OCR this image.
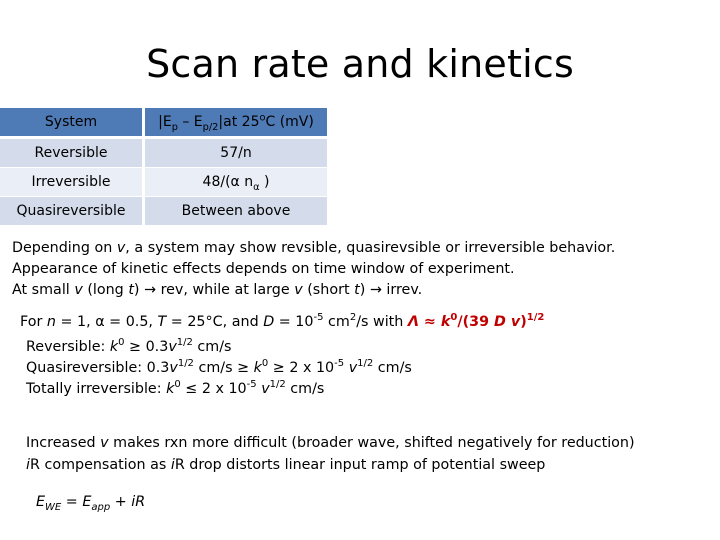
Scan rate and kinetics
System	$|E_p - E_{p/2}|at$ 25$^o$C (mV)
Reversible	57/n
Irreversible	48/(α $n_\alpha$ )
Quasireversible	Between above
Depending on v, a system may show revsible, quasirevsible or irreversible behavior.
Appearance of kinetic effects depends on time window of experiment.
At small v (long t) → rev, while at large v (short t) → irrev.
For n = 1, α = 0.5, T = 25°C, and $D = 10^{-5}$ $cm^2/s$ with $\Lambda \approx k^0/(39$ D v)$^{1/2}$
Reversible: $k^0 \ge 0.3v^{1/2}$ cm/s
Quasireversible: $0.3v^{1/2}$ $cm/s \ge k^0 \ge 2$ x $10^{-5}$ $v^{1/2}$ cm/s
Totally irreversible: $k^0 \le 2$ x $10^{-5}$ $v^{1/2}$ cm/s
Increased v makes rxn more difficult (broader wave, shifted negatively for reduction)
iR compensation as iR drop distorts linear input ramp of potential sweep
$E_{WE} = E_{app}$ + iR
